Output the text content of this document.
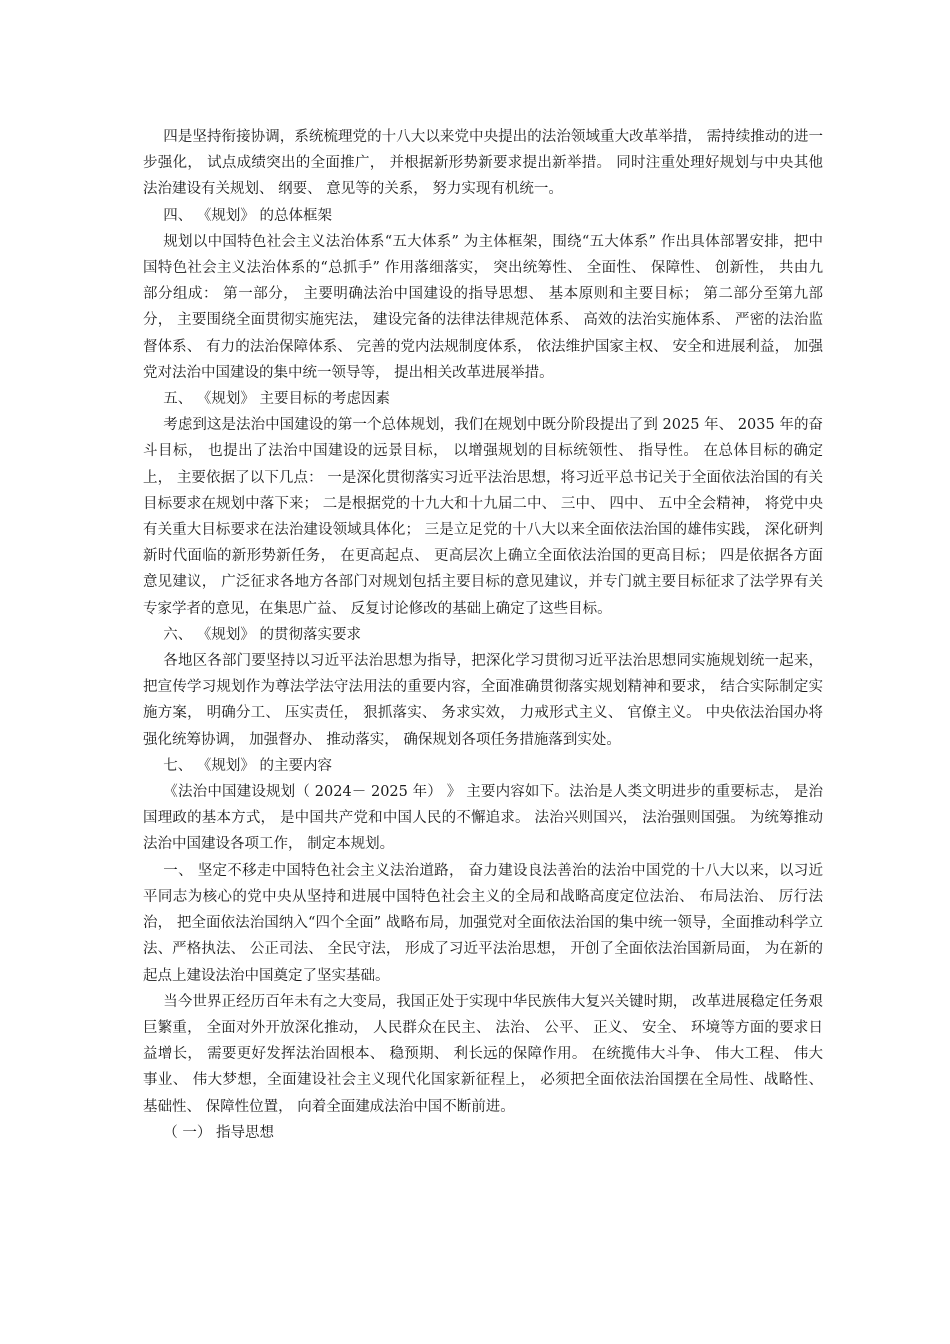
四是坚持衔接协调，系统梳理党的十八大以来党中央提出的法治领域重大改革举措， 需持续推动的进一步强化， 试点成绩突出的全面推广， 并根据新形势新要求提出新举措。 同时注重处理好规划与中央其他法治建设有关规划、 纲要、 意见等的关系， 努力实现有机统一。

四、 《规划》 的总体框架

规划以中国特色社会主义法治体系“五大体系” 为主体框架，围绕“五大体系” 作出具体部署安排，把中国特色社会主义法治体系的“总抓手” 作用落细落实， 突出统筹性、 全面性、 保障性、 创新性， 共由九部分组成： 第一部分， 主要明确法治中国建设的指导思想、 基本原则和主要目标； 第二部分至第九部分， 主要围绕全面贯彻实施宪法， 建设完备的法律法律规范体系、 高效的法治实施体系、 严密的法治监督体系、 有力的法治保障体系、 完善的党内法规制度体系， 依法维护国家主权、 安全和进展利益， 加强党对法治中国建设的集中统一领导等， 提出相关改革进展举措。

五、 《规划》 主要目标的考虑因素

考虑到这是法治中国建设的第一个总体规划，我们在规划中既分阶段提出了到 2025 年、 2035 年的奋斗目标， 也提出了法治中国建设的远景目标， 以增强规划的目标统领性、 指导性。 在总体目标的确定上， 主要依据了以下几点： 一是深化贯彻落实习近平法治思想，将习近平总书记关于全面依法治国的有关目标要求在规划中落下来； 二是根据党的十九大和十九届二中、 三中、 四中、 五中全会精神， 将党中央有关重大目标要求在法治建设领域具体化； 三是立足党的十八大以来全面依法治国的雄伟实践， 深化研判新时代面临的新形势新任务， 在更高起点、 更高层次上确立全面依法治国的更高目标； 四是依据各方面意见建议， 广泛征求各地方各部门对规划包括主要目标的意见建议，并专门就主要目标征求了法学界有关专家学者的意见，在集思广益、 反复讨论修改的基础上确定了这些目标。

六、 《规划》 的贯彻落实要求

各地区各部门要坚持以习近平法治思想为指导，把深化学习贯彻习近平法治思想同实施规划统一起来， 把宣传学习规划作为尊法学法守法用法的重要内容，全面准确贯彻落实规划精神和要求， 结合实际制定实施方案， 明确分工、 压实责任， 狠抓落实、 务求实效， 力戒形式主义、 官僚主义。 中央依法治国办将强化统筹协调， 加强督办、 推动落实， 确保规划各项任务措施落到实处。

七、 《规划》 的主要内容

《法治中国建设规划（ 2024－ 2025 年） 》 主要内容如下。法治是人类文明进步的重要标志， 是治国理政的基本方式， 是中国共产党和中国人民的不懈追求。 法治兴则国兴， 法治强则国强。 为统筹推动法治中国建设各项工作， 制定本规划。

一、 坚定不移走中国特色社会主义法治道路， 奋力建设良法善治的法治中国党的十八大以来，以习近平同志为核心的党中央从坚持和进展中国特色社会主义的全局和战略高度定位法治、 布局法治、 厉行法治， 把全面依法治国纳入“四个全面” 战略布局，加强党对全面依法治国的集中统一领导，全面推动科学立法、严格执法、 公正司法、 全民守法， 形成了习近平法治思想， 开创了全面依法治国新局面， 为在新的起点上建设法治中国奠定了坚实基础。

当今世界正经历百年未有之大变局，我国正处于实现中华民族伟大复兴关键时期， 改革进展稳定任务艰巨繁重， 全面对外开放深化推动， 人民群众在民主、 法治、 公平、 正义、 安全、 环境等方面的要求日益增长， 需要更好发挥法治固根本、 稳预期、 利长远的保障作用。 在统揽伟大斗争、 伟大工程、 伟大事业、 伟大梦想，全面建设社会主义现代化国家新征程上， 必须把全面依法治国摆在全局性、战略性、 基础性、 保障性位置， 向着全面建成法治中国不断前进。

（ 一） 指导思想
